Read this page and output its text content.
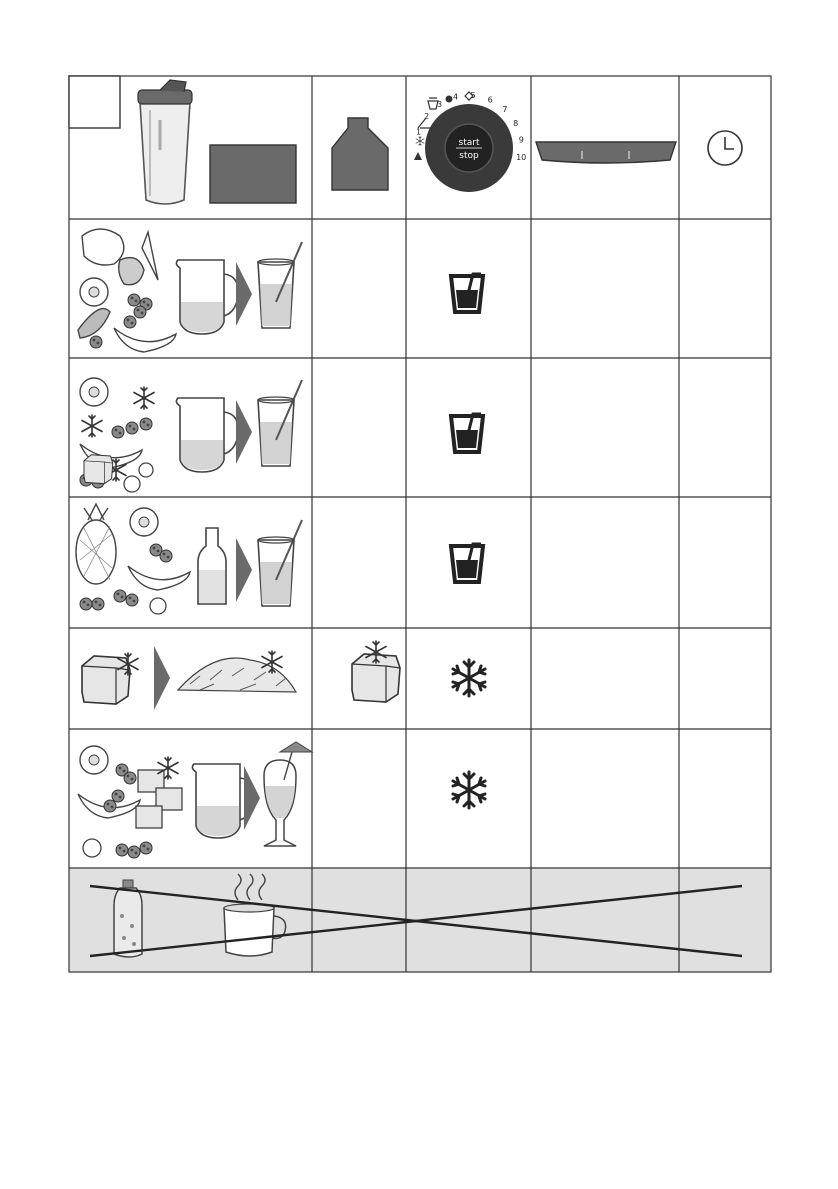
start
stop
1
2
3
4 5 6
7
8
9
10
